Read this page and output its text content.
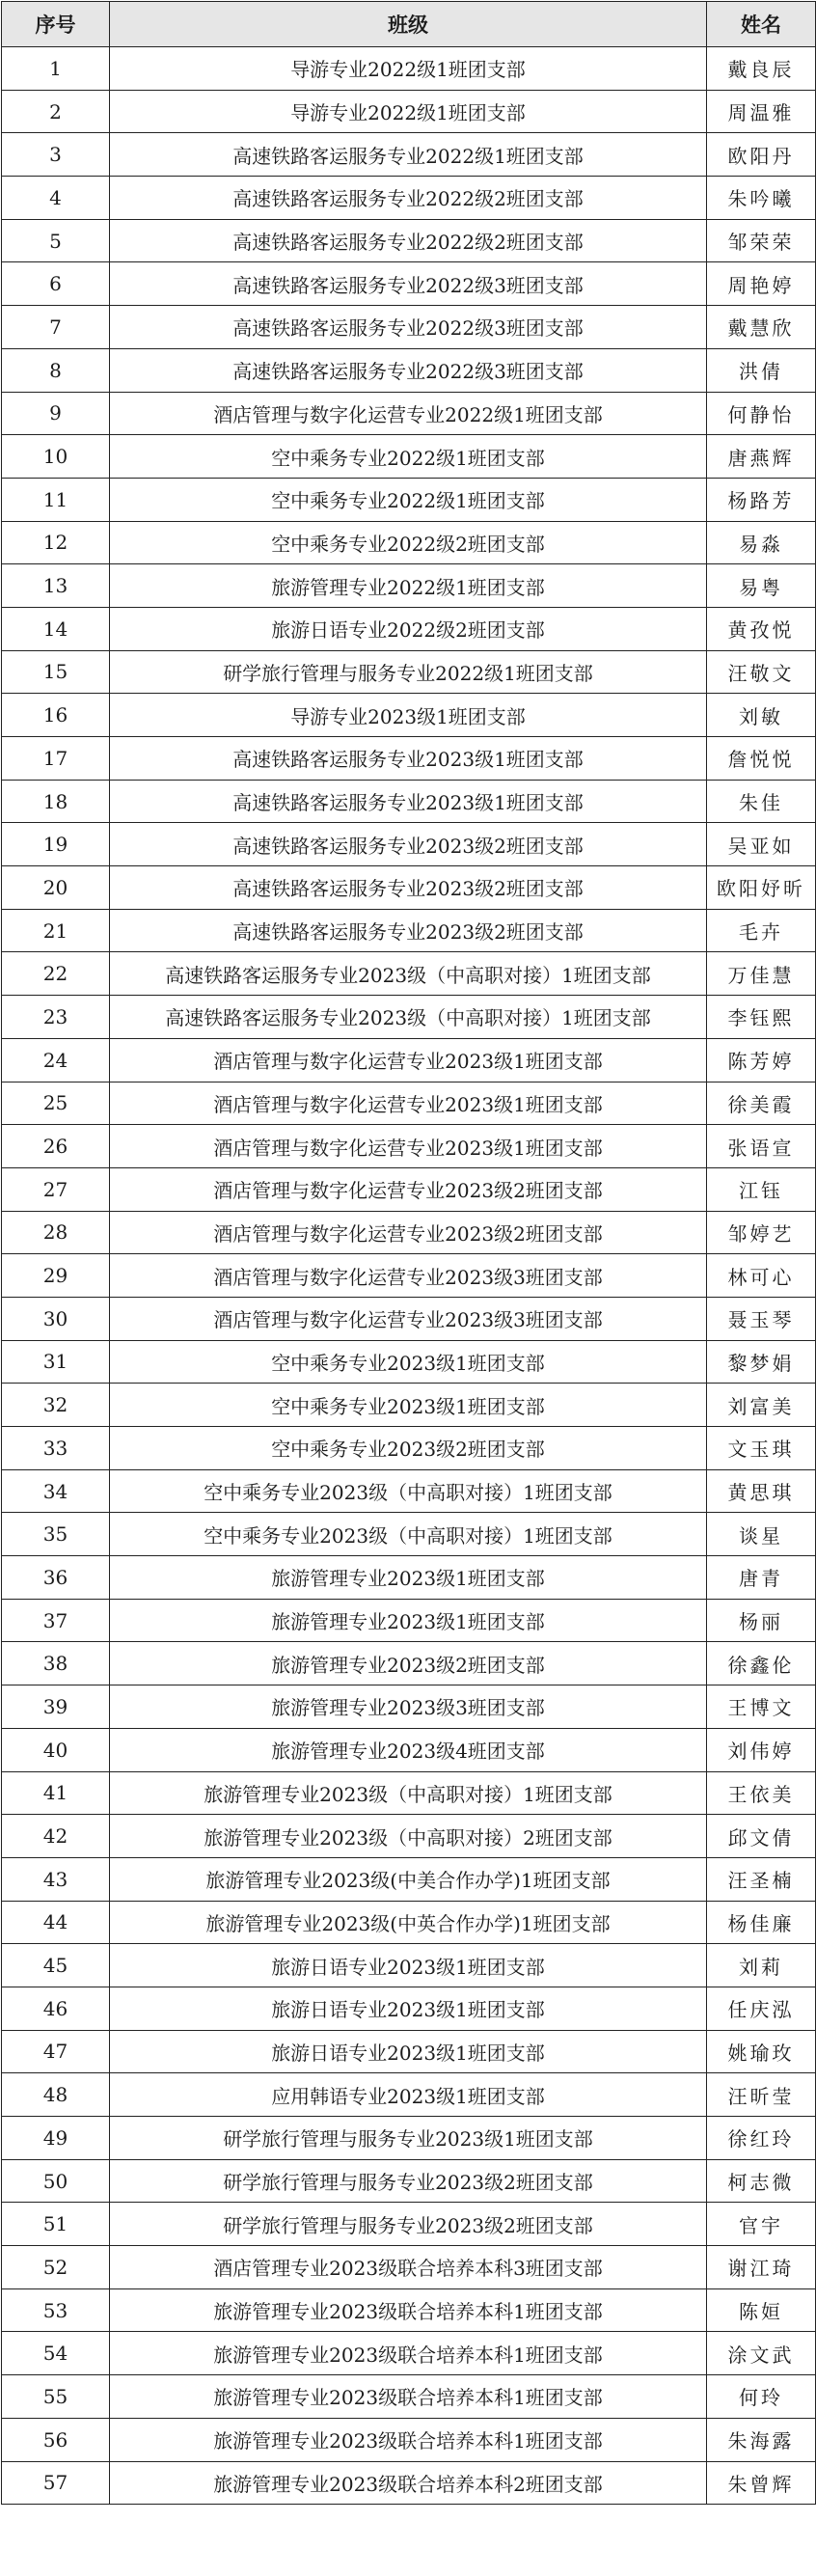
序号	班级	姓名
1	导游专业2022级1班团支部	戴良辰
2	导游专业2022级1班团支部	周温雅
3	高速铁路客运服务专业2022级1班团支部	欧阳丹
4	高速铁路客运服务专业2022级2班团支部	朱吟曦
5	高速铁路客运服务专业2022级2班团支部	邹荣荣
6	高速铁路客运服务专业2022级3班团支部	周艳婷
7	高速铁路客运服务专业2022级3班团支部	戴慧欣
8	高速铁路客运服务专业2022级3班团支部	洪倩
9	酒店管理与数字化运营专业2022级1班团支部	何静怡
10	空中乘务专业2022级1班团支部	唐燕辉
11	空中乘务专业2022级1班团支部	杨路芳
12	空中乘务专业2022级2班团支部	易淼
13	旅游管理专业2022级1班团支部	易粤
14	旅游日语专业2022级2班团支部	黄孜悦
15	研学旅行管理与服务专业2022级1班团支部	汪敬文
16	导游专业2023级1班团支部	刘敏
17	高速铁路客运服务专业2023级1班团支部	詹悦悦
18	高速铁路客运服务专业2023级1班团支部	朱佳
19	高速铁路客运服务专业2023级2班团支部	吴亚如
20	高速铁路客运服务专业2023级2班团支部	欧阳妤昕
21	高速铁路客运服务专业2023级2班团支部	毛卉
22	高速铁路客运服务专业2023级（中高职对接）1班团支部	万佳慧
23	高速铁路客运服务专业2023级（中高职对接）1班团支部	李钰熙
24	酒店管理与数字化运营专业2023级1班团支部	陈芳婷
25	酒店管理与数字化运营专业2023级1班团支部	徐美霞
26	酒店管理与数字化运营专业2023级1班团支部	张语宣
27	酒店管理与数字化运营专业2023级2班团支部	江钰
28	酒店管理与数字化运营专业2023级2班团支部	邹婷艺
29	酒店管理与数字化运营专业2023级3班团支部	林可心
30	酒店管理与数字化运营专业2023级3班团支部	聂玉琴
31	空中乘务专业2023级1班团支部	黎梦娟
32	空中乘务专业2023级1班团支部	刘富美
33	空中乘务专业2023级2班团支部	文玉琪
34	空中乘务专业2023级（中高职对接）1班团支部	黄思琪
35	空中乘务专业2023级（中高职对接）1班团支部	谈星
36	旅游管理专业2023级1班团支部	唐青
37	旅游管理专业2023级1班团支部	杨丽
38	旅游管理专业2023级2班团支部	徐鑫伦
39	旅游管理专业2023级3班团支部	王博文
40	旅游管理专业2023级4班团支部	刘伟婷
41	旅游管理专业2023级（中高职对接）1班团支部	王依美
42	旅游管理专业2023级（中高职对接）2班团支部	邱文倩
43	旅游管理专业2023级(中美合作办学)1班团支部	汪圣楠
44	旅游管理专业2023级(中英合作办学)1班团支部	杨佳廉
45	旅游日语专业2023级1班团支部	刘莉
46	旅游日语专业2023级1班团支部	任庆泓
47	旅游日语专业2023级1班团支部	姚瑜玫
48	应用韩语专业2023级1班团支部	汪昕莹
49	研学旅行管理与服务专业2023级1班团支部	徐红玲
50	研学旅行管理与服务专业2023级2班团支部	柯志微
51	研学旅行管理与服务专业2023级2班团支部	官宇
52	酒店管理专业2023级联合培养本科3班团支部	谢江琦
53	旅游管理专业2023级联合培养本科1班团支部	陈姮
54	旅游管理专业2023级联合培养本科1班团支部	涂文武
55	旅游管理专业2023级联合培养本科1班团支部	何玲
56	旅游管理专业2023级联合培养本科1班团支部	朱海露
57	旅游管理专业2023级联合培养本科2班团支部	朱曾辉
